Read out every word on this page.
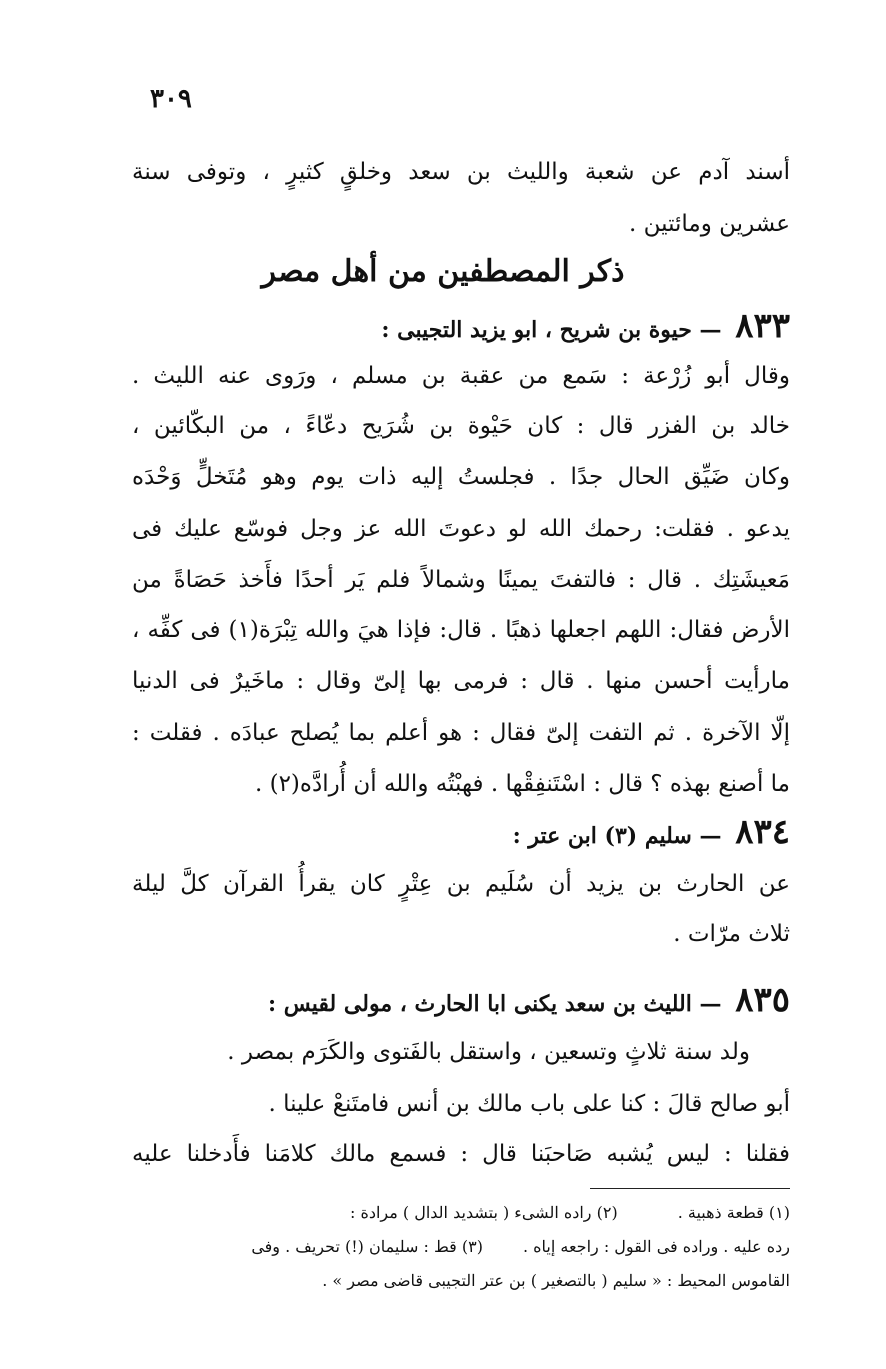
٣٠٩
أسند آدم عن شعبة والليث بن سعد وخلقٍ كثيرٍ ، وتوفى سنة
عشرين ومائتين .
ذكر المصطفين من أهل مصر
٨٣٣ — حيوة بن شريح ، ابو يزيد التجيبى :
وقال أبو زُرْعة : سَمع من عقبة بن مسلم ، ورَوى عنه الليث .
خالد بن الفزر قال : كان حَيْوة بن شُرَيح دعّاءً ، من البكّائين ،
وكان ضَيِّق الحال جدًا . فجلستُ إليه ذات يوم وهو مُتَخلٍّ وَحْدَه
يدعو . فقلت: رحمك الله لو دعوتَ الله عز وجل فوسّع عليك فى
مَعيشَتِك . قال : فالتفتَ يمينًا وشمالاً فلم يَر أحدًا فأَخذ حَصَاةً من
الأرض فقال: اللهم اجعلها ذهبًا . قال: فإذا هيَ والله تِبْرَة(١) فى كفِّه ،
مارأيت أحسن منها . قال : فرمى بها إلىّ وقال : ماخَيرٌ فى الدنيا
إلّا الآخرة . ثم التفت إلىّ فقال : هو أعلم بما يُصلح عبادَه . فقلت :
ما أصنع بهذه ؟ قال : اسْتَنفِقْها . فهبْتُه والله أن أُرادَّه(٢) .
٨٣٤ — سليم (٣) ابن عتر :
عن الحارث بن يزيد أن سُلَيم بن عِتْرٍ كان يقرأُ القرآن كلَّ ليلة
ثلاث مرّات .
٨٣٥ — الليث بن سعد يكنى ابا الحارث ، مولى لقيس :
ولد سنة ثلاثٍ وتسعين ، واستقل بالفَتوى والكَرَم بمصر .
أبو صالح قالَ : كنا على باب مالك بن أنس فامتَنعْ علينا .
فقلنا : ليس يُشبه صَاحبَنا قال : فسمع مالك كلامَنا فأَدخلنا عليه
(١) قطعة ذهبية .(٢) راده الشىء ( بتشديد الدال ) مرادة :
رده عليه . وراده فى القول : راجعه إياه .(٣) قط : سليمان (!) تحريف . وفى
القاموس المحيط : « سليم ( بالتصغير ) بن عتر التجيبى قاضى مصر » .
